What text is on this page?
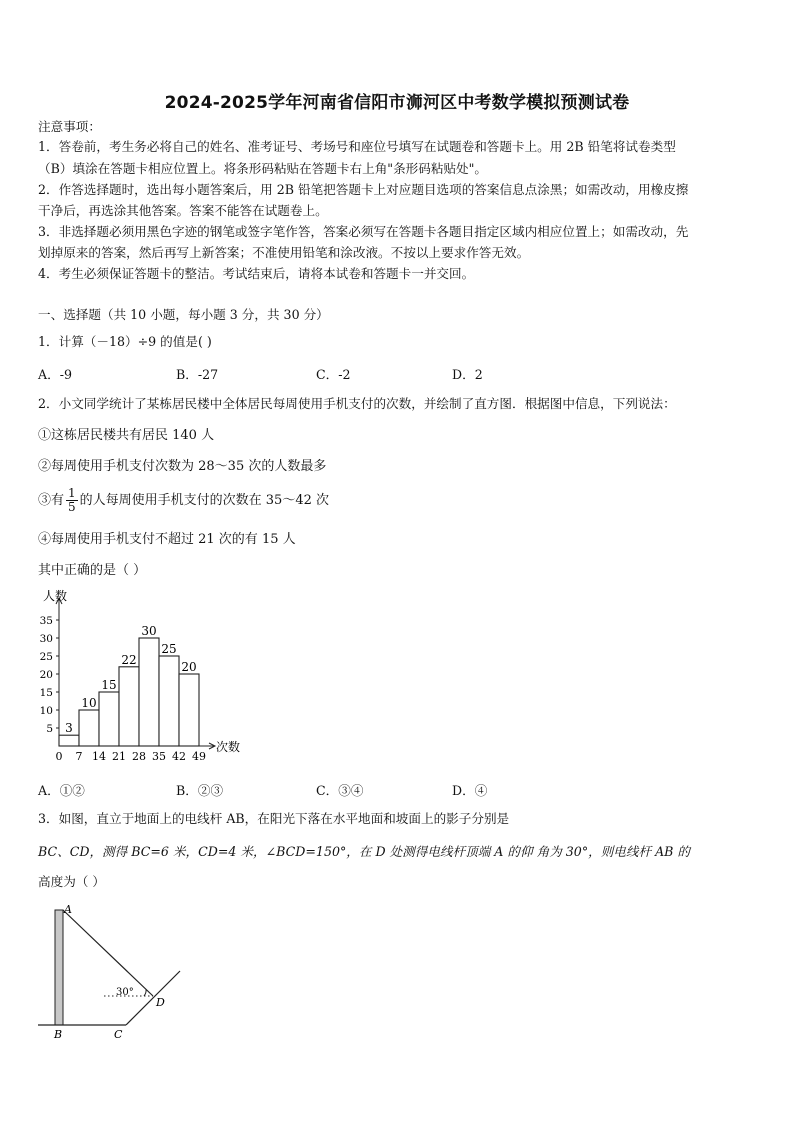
2024-2025学年河南省信阳市浉河区中考数学模拟预测试卷
注意事项：
1．答卷前，考生务必将自己的姓名、准考证号、考场号和座位号填写在试题卷和答题卡上。用 2B 铅笔将试卷类型
（B）填涂在答题卡相应位置上。将条形码粘贴在答题卡右上角"条形码粘贴处"。
2．作答选择题时，选出每小题答案后，用 2B 铅笔把答题卡上对应题目选项的答案信息点涂黑；如需改动，用橡皮擦
干净后，再选涂其他答案。答案不能答在试题卷上。
3．非选择题必须用黑色字迹的钢笔或签字笔作答，答案必须写在答题卡各题目指定区域内相应位置上；如需改动，先
划掉原来的答案，然后再写上新答案；不准使用铅笔和涂改液。不按以上要求作答无效。
4．考生必须保证答题卡的整洁。考试结束后，请将本试卷和答题卡一并交回。
一、选择题（共 10 小题，每小题 3 分，共 30 分）
1．计算（－18）÷9 的值是( )
A．-9	B．-27	C．-2	D．2
2．小文同学统计了某栋居民楼中全体居民每周使用手机支付的次数，并绘制了直方图．根据图中信息，下列说法：
①这栋居民楼共有居民 140 人
②每周使用手机支付次数为 28～35 次的人数最多
③有 $\frac{1}{5}$ 的人每周使用手机支付的次数在 35～42 次
④每周使用手机支付不超过 21 次的有 15 人
其中正确的是（ ）
人数
次数
5
10
15
20
25
30
35
0 7 14 21 28 35 42 49
3
10
15
22
30
25
20
A．①②	B．②③	C．③④	D．④
3．如图，直立于地面上的电线杆 AB，在阳光下落在水平地面和坡面上的影子分别是
BC、CD，测得 BC=6 米，CD=4 米，∠BCD=150°，在 D 处测得电线杆顶端 A 的仰 角为 30°，则电线杆 AB 的
高度为（ ）
A
B	C
D
30°
